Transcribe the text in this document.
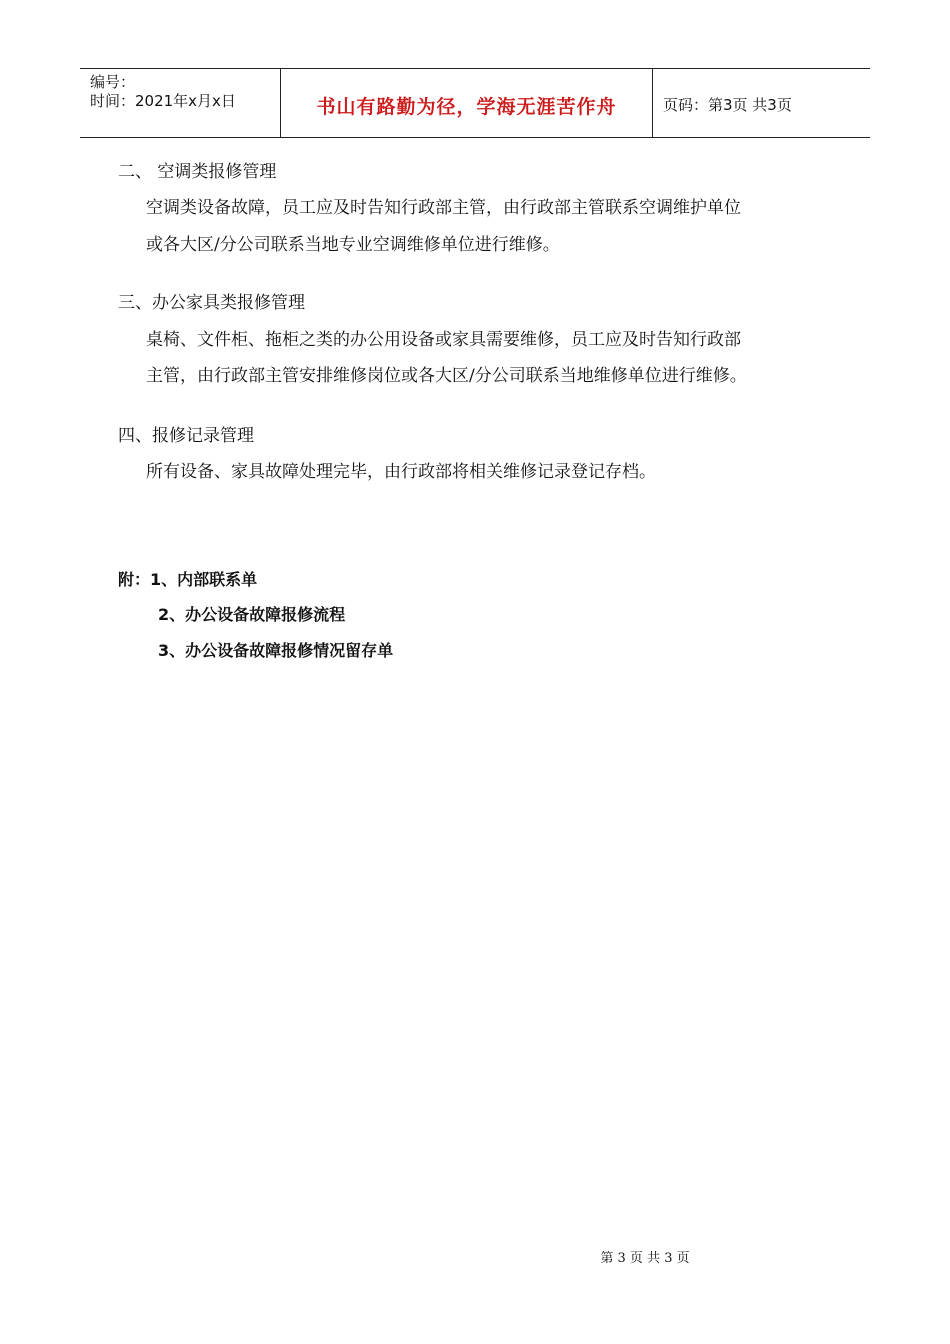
编号：
时间：2021年x月x日	书山有路勤为径，学海无涯苦作舟	页码：第3页 共3页
二、 空调类报修管理
空调类设备故障，员工应及时告知行政部主管，由行政部主管联系空调维护单位
或各大区/分公司联系当地专业空调维修单位进行维修。
三、办公家具类报修管理
桌椅、文件柜、拖柜之类的办公用设备或家具需要维修，员工应及时告知行政部
主管，由行政部主管安排维修岗位或各大区/分公司联系当地维修单位进行维修。
四、报修记录管理
所有设备、家具故障处理完毕，由行政部将相关维修记录登记存档。
附：1、内部联系单
2、办公设备故障报修流程
3、办公设备故障报修情况留存单
第 3 页 共 3 页
